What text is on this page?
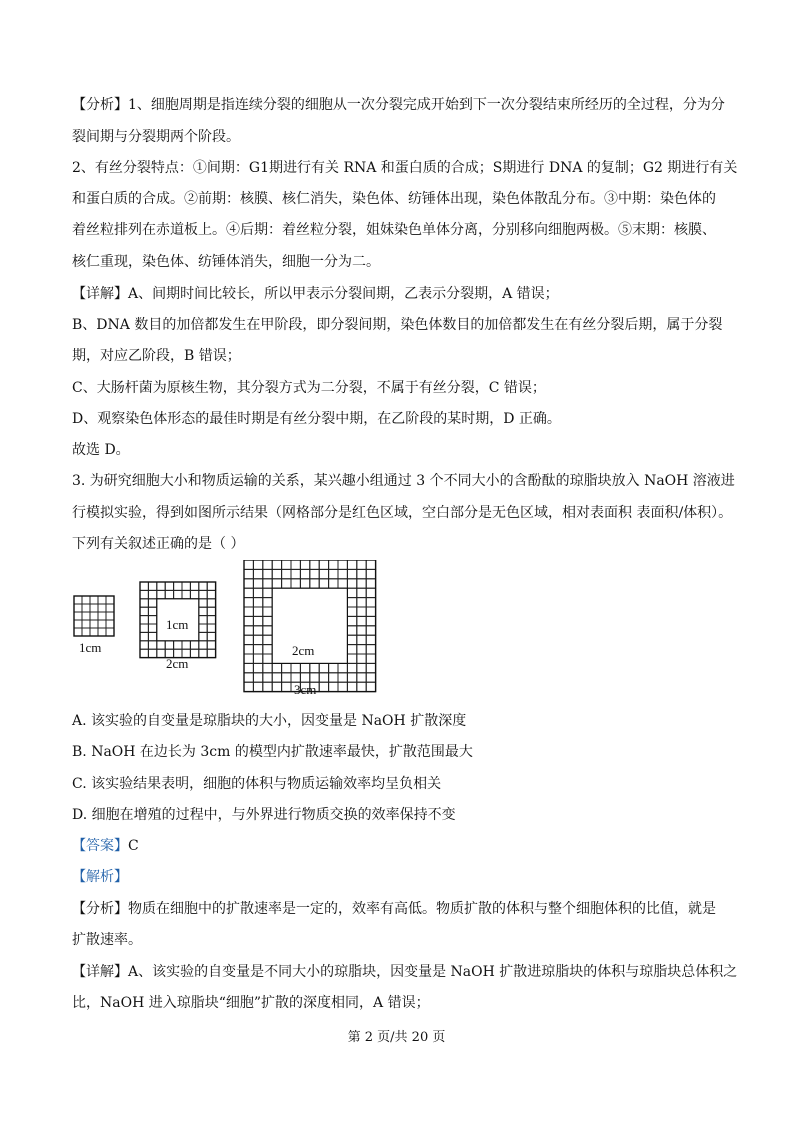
【分析】1、细胞周期是指连续分裂的细胞从一次分裂完成开始到下一次分裂结束所经历的全过程，分为分
裂间期与分裂期两个阶段。
2、有丝分裂特点：①间期：G1期进行有关 RNA 和蛋白质的合成；S期进行 DNA 的复制；G2 期进行有关
和蛋白质的合成。②前期：核膜、核仁消失，染色体、纺锤体出现，染色体散乱分布。③中期：染色体的
着丝粒排列在赤道板上。④后期：着丝粒分裂，姐妹染色单体分离，分别移向细胞两极。⑤末期：核膜、
核仁重现，染色体、纺锤体消失，细胞一分为二。
【详解】A、间期时间比较长，所以甲表示分裂间期，乙表示分裂期，A 错误；
B、DNA 数目的加倍都发生在甲阶段，即分裂间期，染色体数目的加倍都发生在有丝分裂后期，属于分裂
期，对应乙阶段，B 错误；
C、大肠杆菌为原核生物，其分裂方式为二分裂，不属于有丝分裂，C 错误；
D、观察染色体形态的最佳时期是有丝分裂中期，在乙阶段的某时期，D 正确。
故选 D。
3. 为研究细胞大小和物质运输的关系，某兴趣小组通过 3 个不同大小的含酚酞的琼脂块放入 NaOH 溶液进
行模拟实验，得到如图所示结果（网格部分是红色区域，空白部分是无色区域，相对表面积 表面积/体积）。
下列有关叙述正确的是（ ）
1cm
2cm
3cm
1cm
2cm
A. 该实验的自变量是琼脂块的大小，因变量是 NaOH 扩散深度
B. NaOH 在边长为 3cm 的模型内扩散速率最快，扩散范围最大
C. 该实验结果表明，细胞的体积与物质运输效率均呈负相关
D. 细胞在增殖的过程中，与外界进行物质交换的效率保持不变
【答案】C
【解析】
【分析】物质在细胞中的扩散速率是一定的，效率有高低。物质扩散的体积与整个细胞体积的比值，就是
扩散速率。
【详解】A、该实验的自变量是不同大小的琼脂块，因变量是 NaOH 扩散进琼脂块的体积与琼脂块总体积之
比，NaOH 进入琼脂块“细胞”扩散的深度相同，A 错误；
第 2 页/共 20 页
